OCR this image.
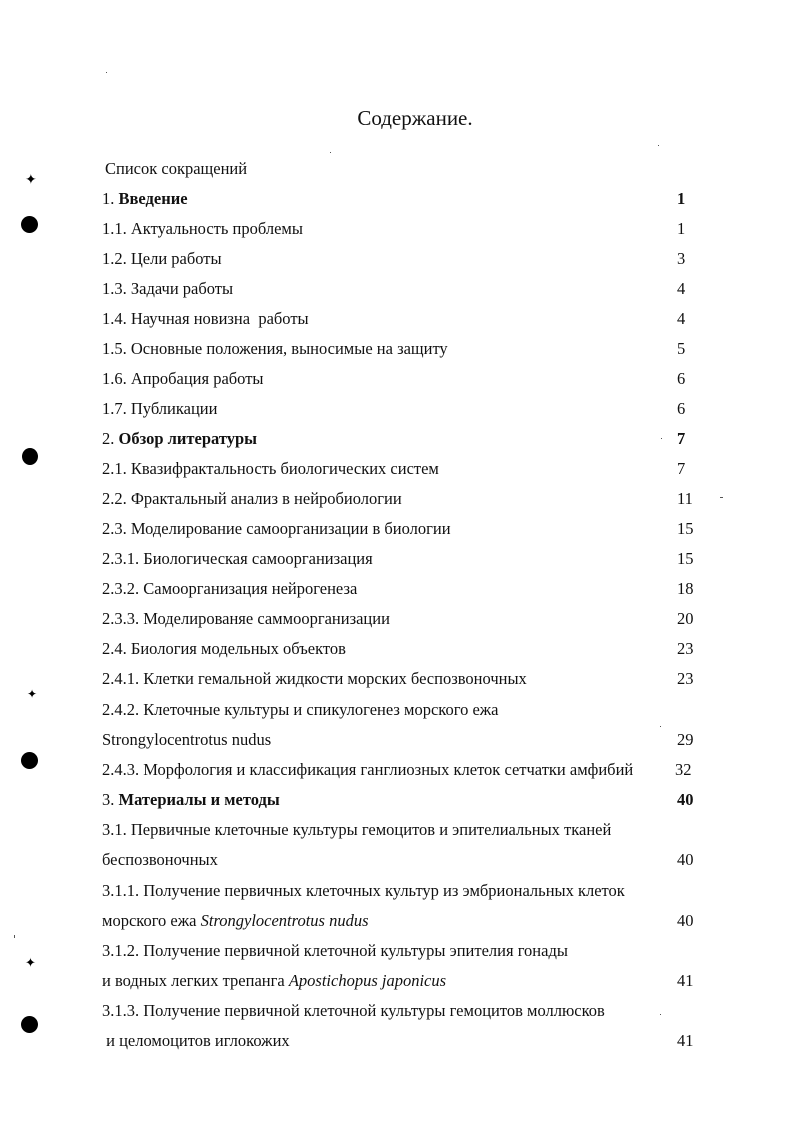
Содержание.
Список сокращений
1. Введение	1
1.1. Актуальность проблемы	1
1.2. Цели работы	3
1.3. Задачи работы	4
1.4. Научная новизна  работы	4
1.5. Основные положения, выносимые на защиту	5
1.6. Апробация работы	6
1.7. Публикации	6
2. Обзор литературы	7
2.1. Квазифрактальность биологических систем	7
2.2. Фрактальный анализ в нейробиологии	11
2.3. Моделирование самоорганизации в биологии	15
2.3.1. Биологическая самоорганизация	15
2.3.2. Самоорганизация нейрогенеза	18
2.3.3. Моделированяе саммоорганизации	20
2.4. Биология модельных объектов	23
2.4.1. Клетки гемальной жидкости морских беспозвоночных	23
2.4.2. Клеточные культуры и спикулогенез морского ежа
Strongylocentrotus nudus	29
2.4.3. Морфология и классификация ганглиозных клеток сетчатки амфибий	32
3. Материалы и методы	40
3.1. Первичные клеточные культуры гемоцитов и эпителиальных тканей
беспозвоночных	40
3.1.1. Получение первичных клеточных культур из эмбриональных клеток
морского ежа Strongylocentrotus nudus	40
3.1.2. Получение первичной клеточной культуры эпителия гонады
и водных легких трепанга Apostichopus japonicus	41
3.1.3. Получение первичной клеточной культуры гемоцитов моллюсков
и целомоцитов иглокожих	41
✦
✦
✦
